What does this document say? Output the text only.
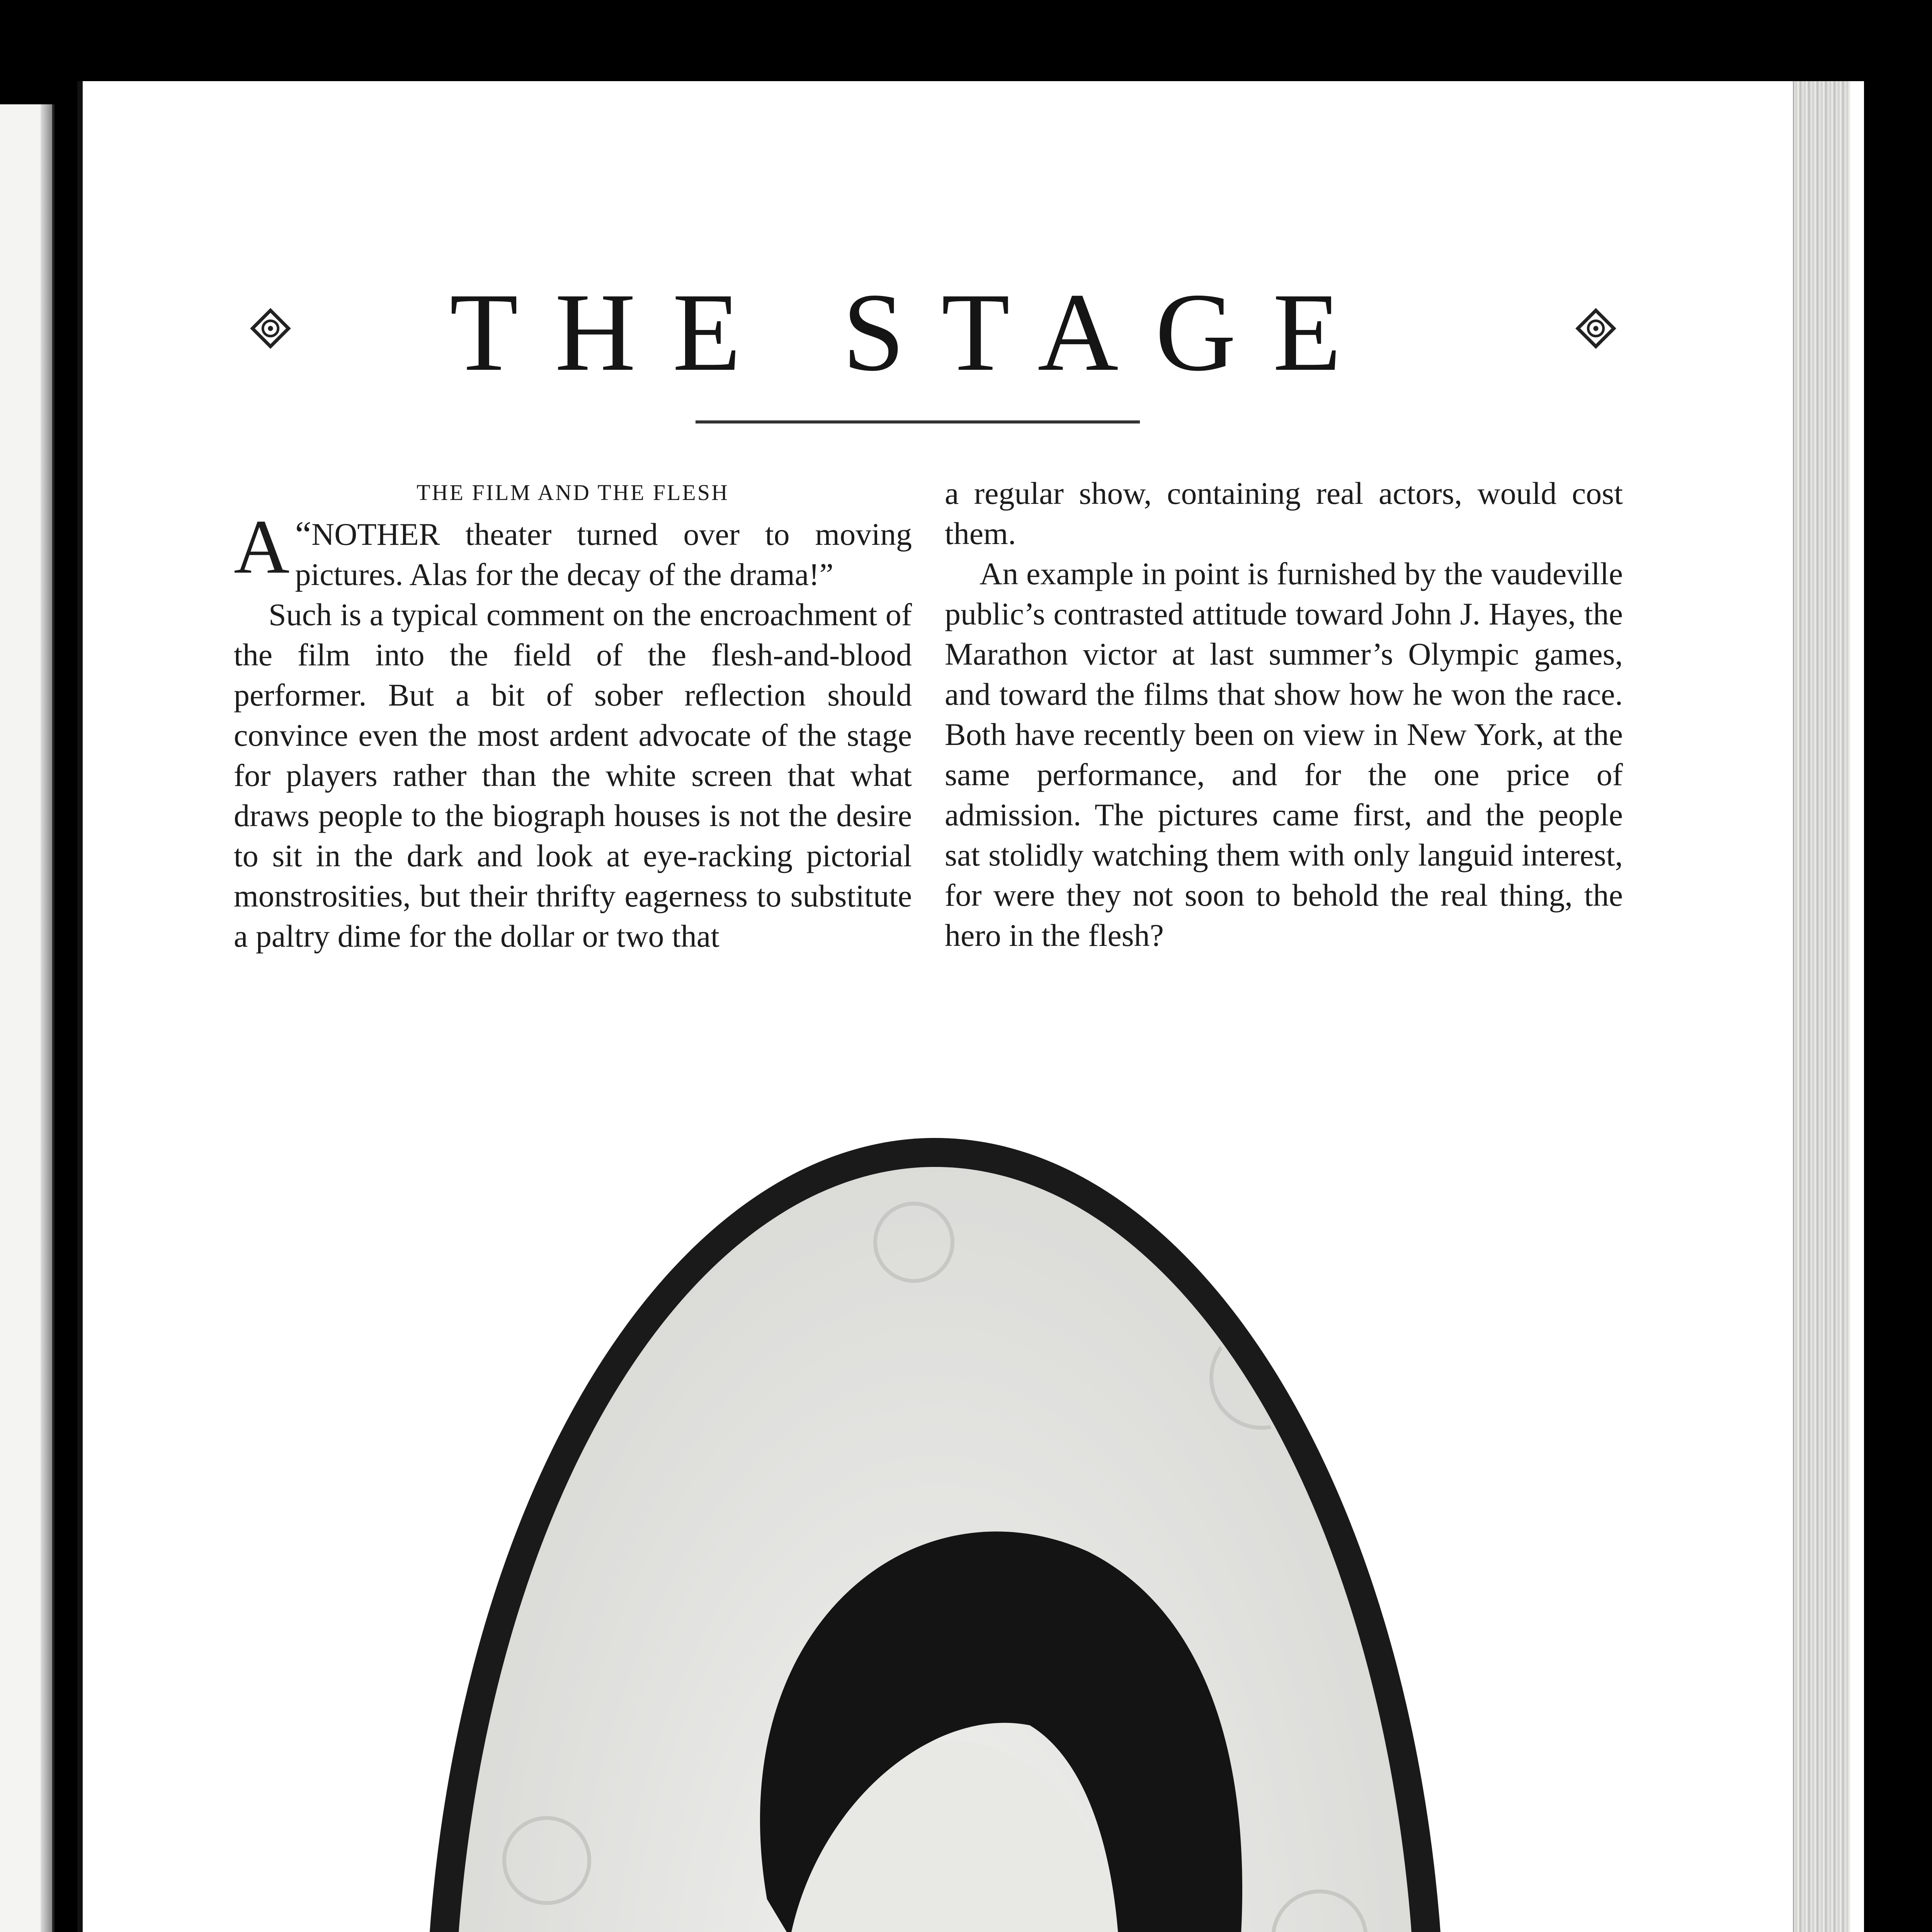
THE STAGE
THE FILM AND THE FLESH

“
A NOTHER theater turned over to moving pictures. Alas for the decay of the drama!”

Such is a typical comment on the encroachment of the film into the field of the flesh-and-blood performer. But a bit of sober reflection should convince even the most ardent advocate of the stage for players rather than the white screen that what draws people to the biograph houses is not the desire to sit in the dark and look at eye-racking pictorial monstrosities, but their thrifty eagerness to substitute a paltry dime for the dollar or two that

a regular show, containing real actors, would cost them.

An example in point is furnished by the vaudeville public’s contrasted attitude toward John J. Hayes, the Marathon victor at last summer’s Olympic games, and toward the films that show how he won the race. Both have recently been on view in New York, at the same performance, and for the one price of admission. The pictures came first, and the people sat stolidly watching them with only languid interest, for were they not soon to behold the real thing, the hero in the flesh?
